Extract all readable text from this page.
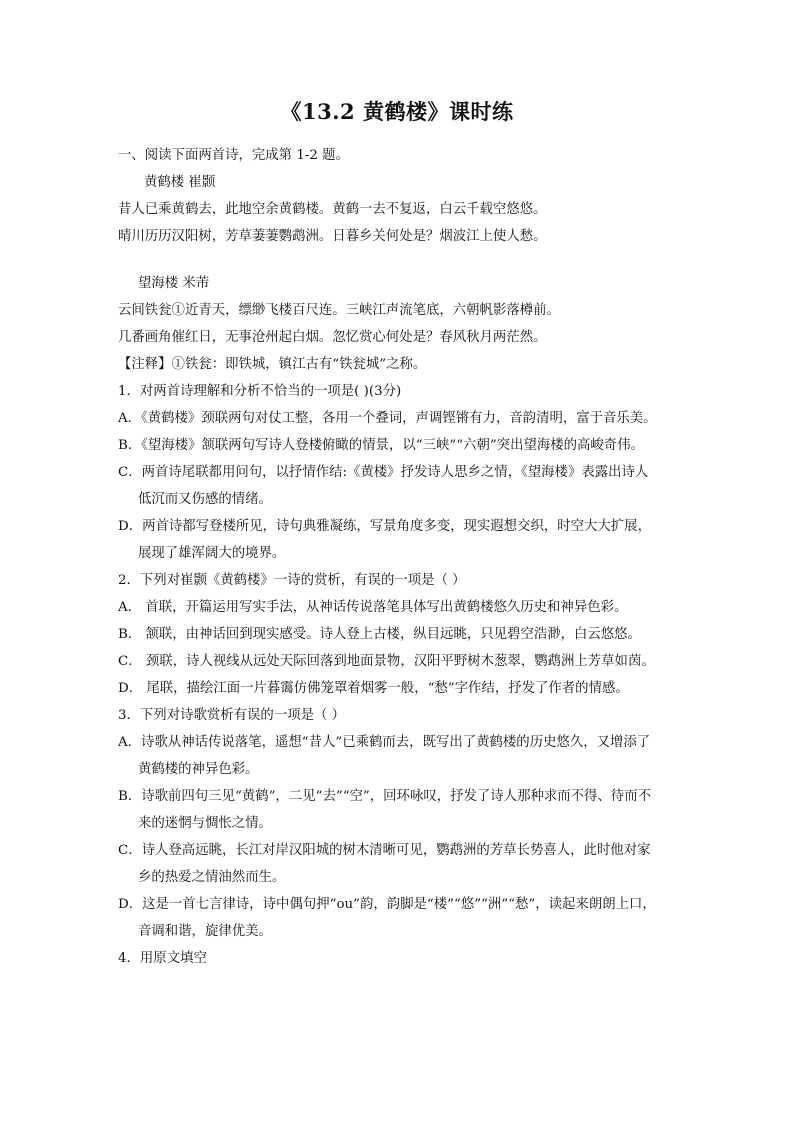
《13.2 黄鹤楼》课时练
一、阅读下面两首诗，完成第 1-2 题。
黄鹤楼 崔颢
昔人已乘黄鹤去，此地空余黄鹤楼。黄鹤一去不复返，白云千载空悠悠。
晴川历历汉阳树，芳草萋萋鹦鹉洲。日暮乡关何处是？烟波江上使人愁。
望海楼 米芾
云间铁瓮①近青天，缥缈飞楼百尺连。三峡江声流笔底，六朝帆影落樽前。
几番画角催红日，无事沧州起白烟。忽忆赏心何处是？春风秋月两茫然。
【注释】①铁瓮：即铁城，镇江古有“铁瓮城”之称。
1．对两首诗理解和分析不恰当的一项是( )(3分)
A．《黄鹤楼》颈联两句对仗工整，各用一个叠词，声调铿锵有力，音韵清明，富于音乐美。
B．《望海楼》颔联两句写诗人登楼俯瞰的情景，以“三峡”“六朝”突出望海楼的高峻奇伟。
C．两首诗尾联都用问句，以抒情作结:《黄楼》抒发诗人思乡之情，《望海楼》表露出诗人
低沉而又伤感的情绪。
D．两首诗都写登楼所见，诗句典雅凝练，写景角度多变，现实遐想交织，时空大大扩展，
展现了雄浑阔大的境界。
2．下列对崔颢《黄鹤楼》一诗的赏析，有误的一项是（ ）
A． 首联，开篇运用写实手法，从神话传说落笔具体写出黄鹤楼悠久历史和神异色彩。
B． 颔联，由神话回到现实感受。诗人登上古楼，纵目远眺，只见碧空浩渺，白云悠悠。
C． 颈联，诗人视线从远处天际回落到地面景物，汉阳平野树木葱翠，鹦鹉洲上芳草如茵。
D． 尾联，描绘江面一片暮霭仿佛笼罩着烟雾一般，“愁”字作结，抒发了作者的情感。
3．下列对诗歌赏析有误的一项是（ ）
A．诗歌从神话传说落笔，遥想“昔人”已乘鹤而去，既写出了黄鹤楼的历史悠久，又增添了
黄鹤楼的神异色彩。
B．诗歌前四句三见“黄鹤”，二见“去”“空”，回环咏叹，抒发了诗人那种求而不得、待而不
来的迷惘与惆怅之情。
C．诗人登高远眺，长江对岸汉阳城的树木清晰可见，鹦鹉洲的芳草长势喜人，此时他对家
乡的热爱之情油然而生。
D．这是一首七言律诗，诗中偶句押“ou”韵，韵脚是“楼”“悠”“洲”“愁”，读起来朗朗上口，
音调和谐，旋律优美。
4．用原文填空
